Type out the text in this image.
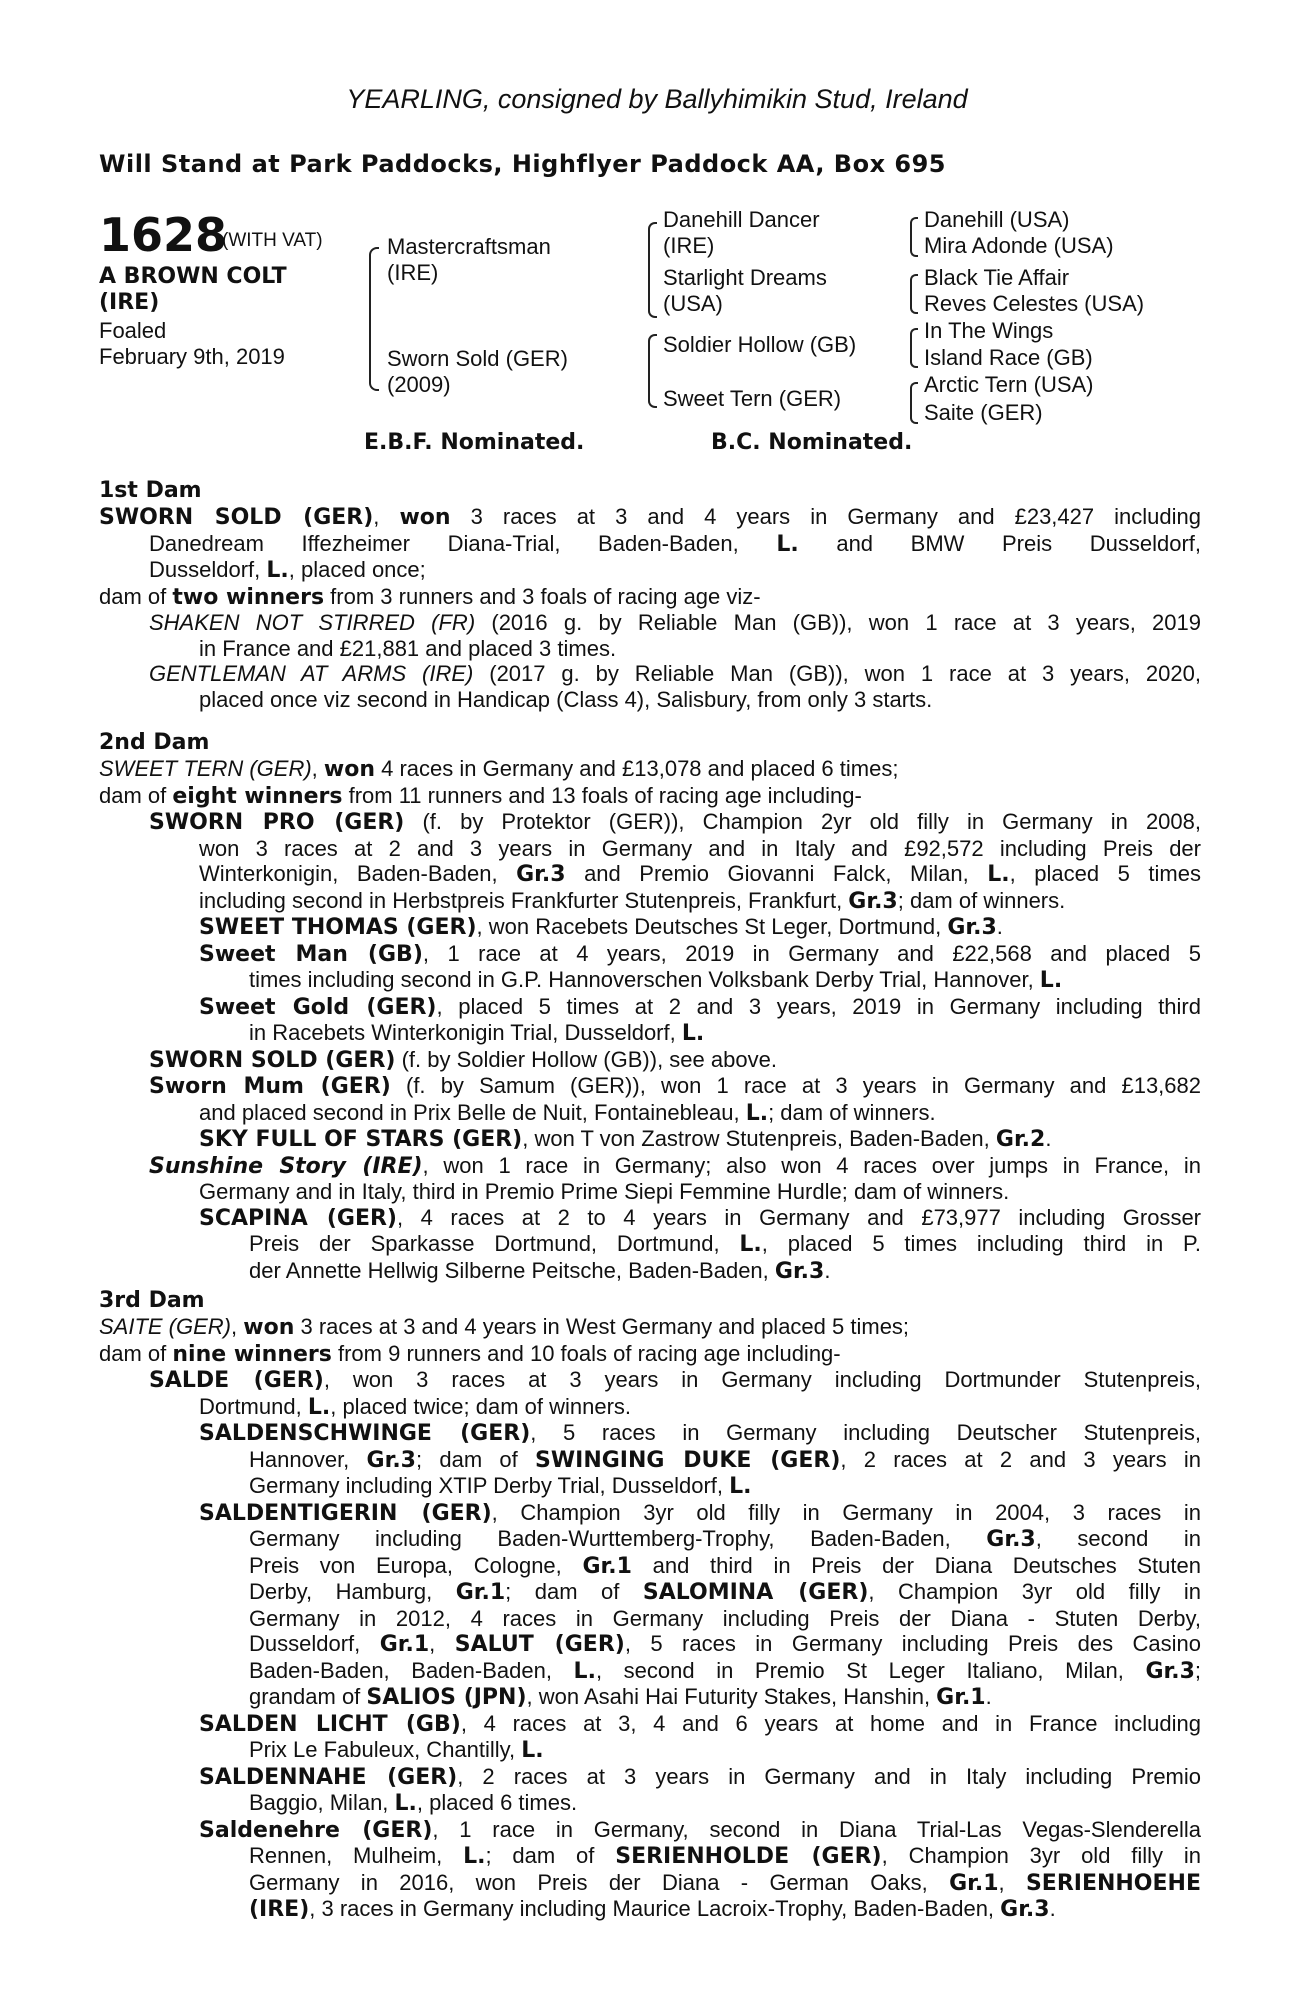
YEARLING, consigned by Ballyhimikin Stud, Ireland
Will Stand at Park Paddocks, Highflyer Paddock AA, Box 695
1628
(WITH VAT)
A BROWN COLT
(IRE)
Foaled
February 9th, 2019
Mastercraftsman
(IRE)
Sworn Sold (GER)
(2009)
Danehill Dancer
(IRE)
Starlight Dreams
(USA)
Soldier Hollow (GB)
Sweet Tern (GER)
Danehill (USA)
Mira Adonde (USA)
Black Tie Affair
Reves Celestes (USA)
In The Wings
Island Race (GB)
Arctic Tern (USA)
Saite (GER)
E.B.F. Nominated.	B.C. Nominated.
1st Dam
SWORN SOLD (GER), won 3 races at 3 and 4 years in Germany and £23,427 including
Danedream Iffezheimer Diana-Trial, Baden-Baden, L. and BMW Preis Dusseldorf,
Dusseldorf, L., placed once;
dam of two winners from 3 runners and 3 foals of racing age viz-
SHAKEN NOT STIRRED (FR) (2016 g. by Reliable Man (GB)), won 1 race at 3 years, 2019
in France and £21,881 and placed 3 times.
GENTLEMAN AT ARMS (IRE) (2017 g. by Reliable Man (GB)), won 1 race at 3 years, 2020,
placed once viz second in Handicap (Class 4), Salisbury, from only 3 starts.
2nd Dam
SWEET TERN (GER), won 4 races in Germany and £13,078 and placed 6 times;
dam of eight winners from 11 runners and 13 foals of racing age including-
SWORN PRO (GER) (f. by Protektor (GER)), Champion 2yr old filly in Germany in 2008,
won 3 races at 2 and 3 years in Germany and in Italy and £92,572 including Preis der
Winterkonigin, Baden-Baden, Gr.3 and Premio Giovanni Falck, Milan, L., placed 5 times
including second in Herbstpreis Frankfurter Stutenpreis, Frankfurt, Gr.3; dam of winners.
SWEET THOMAS (GER), won Racebets Deutsches St Leger, Dortmund, Gr.3.
Sweet Man (GB), 1 race at 4 years, 2019 in Germany and £22,568 and placed 5
times including second in G.P. Hannoverschen Volksbank Derby Trial, Hannover, L.
Sweet Gold (GER), placed 5 times at 2 and 3 years, 2019 in Germany including third
in Racebets Winterkonigin Trial, Dusseldorf, L.
SWORN SOLD (GER) (f. by Soldier Hollow (GB)), see above.
Sworn Mum (GER) (f. by Samum (GER)), won 1 race at 3 years in Germany and £13,682
and placed second in Prix Belle de Nuit, Fontainebleau, L.; dam of winners.
SKY FULL OF STARS (GER), won T von Zastrow Stutenpreis, Baden-Baden, Gr.2.
Sunshine Story (IRE), won 1 race in Germany; also won 4 races over jumps in France, in
Germany and in Italy, third in Premio Prime Siepi Femmine Hurdle; dam of winners.
SCAPINA (GER), 4 races at 2 to 4 years in Germany and £73,977 including Grosser
Preis der Sparkasse Dortmund, Dortmund, L., placed 5 times including third in P.
der Annette Hellwig Silberne Peitsche, Baden-Baden, Gr.3.
3rd Dam
SAITE (GER), won 3 races at 3 and 4 years in West Germany and placed 5 times;
dam of nine winners from 9 runners and 10 foals of racing age including-
SALDE (GER), won 3 races at 3 years in Germany including Dortmunder Stutenpreis,
Dortmund, L., placed twice; dam of winners.
SALDENSCHWINGE (GER), 5 races in Germany including Deutscher Stutenpreis,
Hannover, Gr.3; dam of SWINGING DUKE (GER), 2 races at 2 and 3 years in
Germany including XTIP Derby Trial, Dusseldorf, L.
SALDENTIGERIN (GER), Champion 3yr old filly in Germany in 2004, 3 races in
Germany including Baden-Wurttemberg-Trophy, Baden-Baden, Gr.3, second in
Preis von Europa, Cologne, Gr.1 and third in Preis der Diana Deutsches Stuten
Derby, Hamburg, Gr.1; dam of SALOMINA (GER), Champion 3yr old filly in
Germany in 2012, 4 races in Germany including Preis der Diana - Stuten Derby,
Dusseldorf, Gr.1, SALUT (GER), 5 races in Germany including Preis des Casino
Baden-Baden, Baden-Baden, L., second in Premio St Leger Italiano, Milan, Gr.3;
grandam of SALIOS (JPN), won Asahi Hai Futurity Stakes, Hanshin, Gr.1.
SALDEN LICHT (GB), 4 races at 3, 4 and 6 years at home and in France including
Prix Le Fabuleux, Chantilly, L.
SALDENNAHE (GER), 2 races at 3 years in Germany and in Italy including Premio
Baggio, Milan, L., placed 6 times.
Saldenehre (GER), 1 race in Germany, second in Diana Trial-Las Vegas-Slenderella
Rennen, Mulheim, L.; dam of SERIENHOLDE (GER), Champion 3yr old filly in
Germany in 2016, won Preis der Diana - German Oaks, Gr.1, SERIENHOEHE
(IRE), 3 races in Germany including Maurice Lacroix-Trophy, Baden-Baden, Gr.3.
